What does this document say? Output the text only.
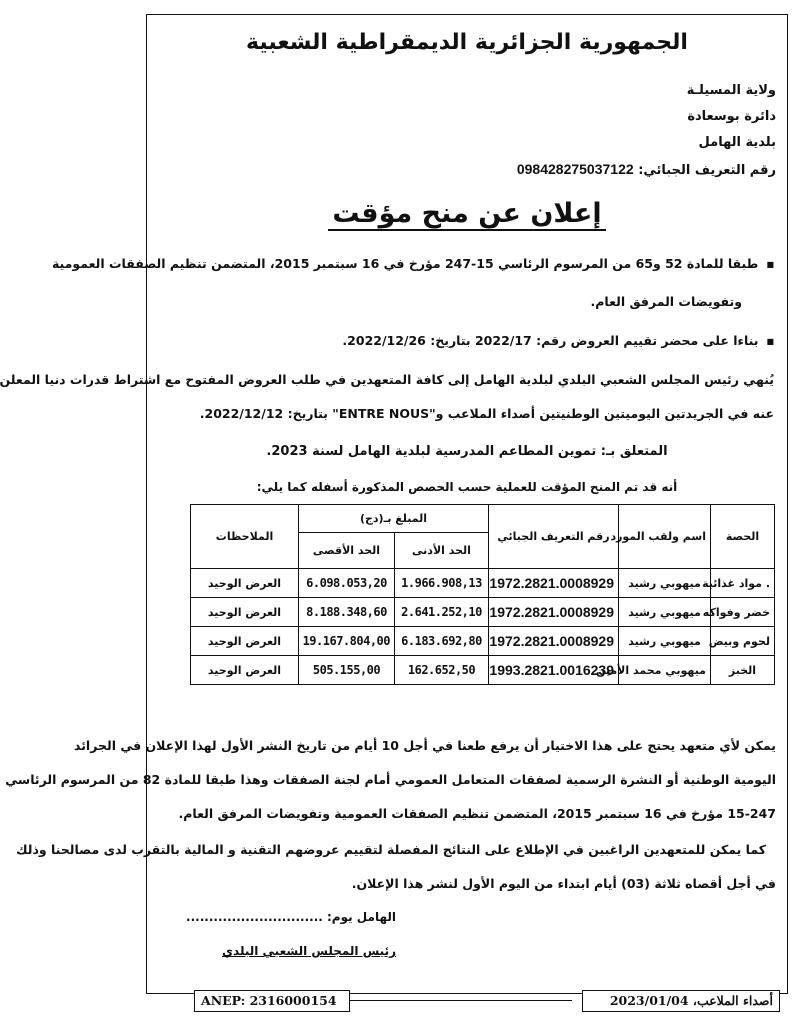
الجمهورية الجزائرية الديمقراطية الشعبية
ولاية المسيلـة
دائرة بوسعادة
بلدية الهامل
رقم التعريف الجبائي: 098428275037122
إعلان عن منح مؤقت
■ طبقا للمادة 52 و65 من المرسوم الرئاسي 15-247 مؤرخ في 16 سبتمبر 2015، المتضمن تنظيم الصفقات العمومية
وتفويضات المرفق العام.
■ بناءا على محضر تقييم العروض رقم: 2022/17 بتاريخ: 2022/12/26.
يُنهي رئيس المجلس الشعبي البلدي لبلدية الهامل إلى كافة المتعهدين في طلب العروض المفتوح مع اشتراط قدرات دنيا المعلن
عنه في الجريدتين اليوميتين الوطنيتين أصداء الملاعب و"ENTRE NOUS" بتاريخ: 2022/12/12.
المتعلق بـ: تموين المطاعم المدرسية لبلدية الهامل لسنة 2023.
أنه قد تم المنح المؤقت للعملية حسب الحصص المذكورة أسفله كما يلي:
الحصة	اسم ولقب المورد	رقم التعريف الجبائي	المبلغ بـ(دج)		الملاحظات
			الحد الأدنى	الحد الأقصى	
. مواد غذائية	ميهوبي رشيد	1972.2821.0008929	1.966.908,13	6.098.053,20	العرض الوحيد
خضر وفواكه	ميهوبي رشيد	1972.2821.0008929	2.641.252,10	8.188.348,60	العرض الوحيد
لحوم وبيض	ميهوبي رشيد	1972.2821.0008929	6.183.692,80	19.167.804,00	العرض الوحيد
الخبز	ميهوبي محمد الأمين	1993.2821.0016239	162.652,50	505.155,00	العرض الوحيد
يمكن لأي متعهد يحتج على هذا الاختيار أن يرفع طعنا في أجل 10 أيام من تاريخ النشر الأول لهذا الإعلان في الجرائد
اليومية الوطنية أو النشرة الرسمية لصفقات المتعامل العمومي أمام لجنة الصفقات وهذا طبقا للمادة 82 من المرسوم الرئاسي
15-247 مؤرخ في 16 سبتمبر 2015، المتضمن تنظيم الصفقات العمومية وتفويضات المرفق العام.
كما يمكن للمتعهدين الراغبين في الإطلاع على النتائج المفصلة لتقييم عروضهم التقنية و المالية بالتقرب لدى مصالحنا وذلك
في أجل أقصاه ثلاثة (03) أيام ابتداء من اليوم الأول لنشر هذا الإعلان.
الهامل يوم: ..............................
رئيس المجلس الشعبي البلدي
أصداء الملاعب، 2023/01/04
ANEP: 2316000154
